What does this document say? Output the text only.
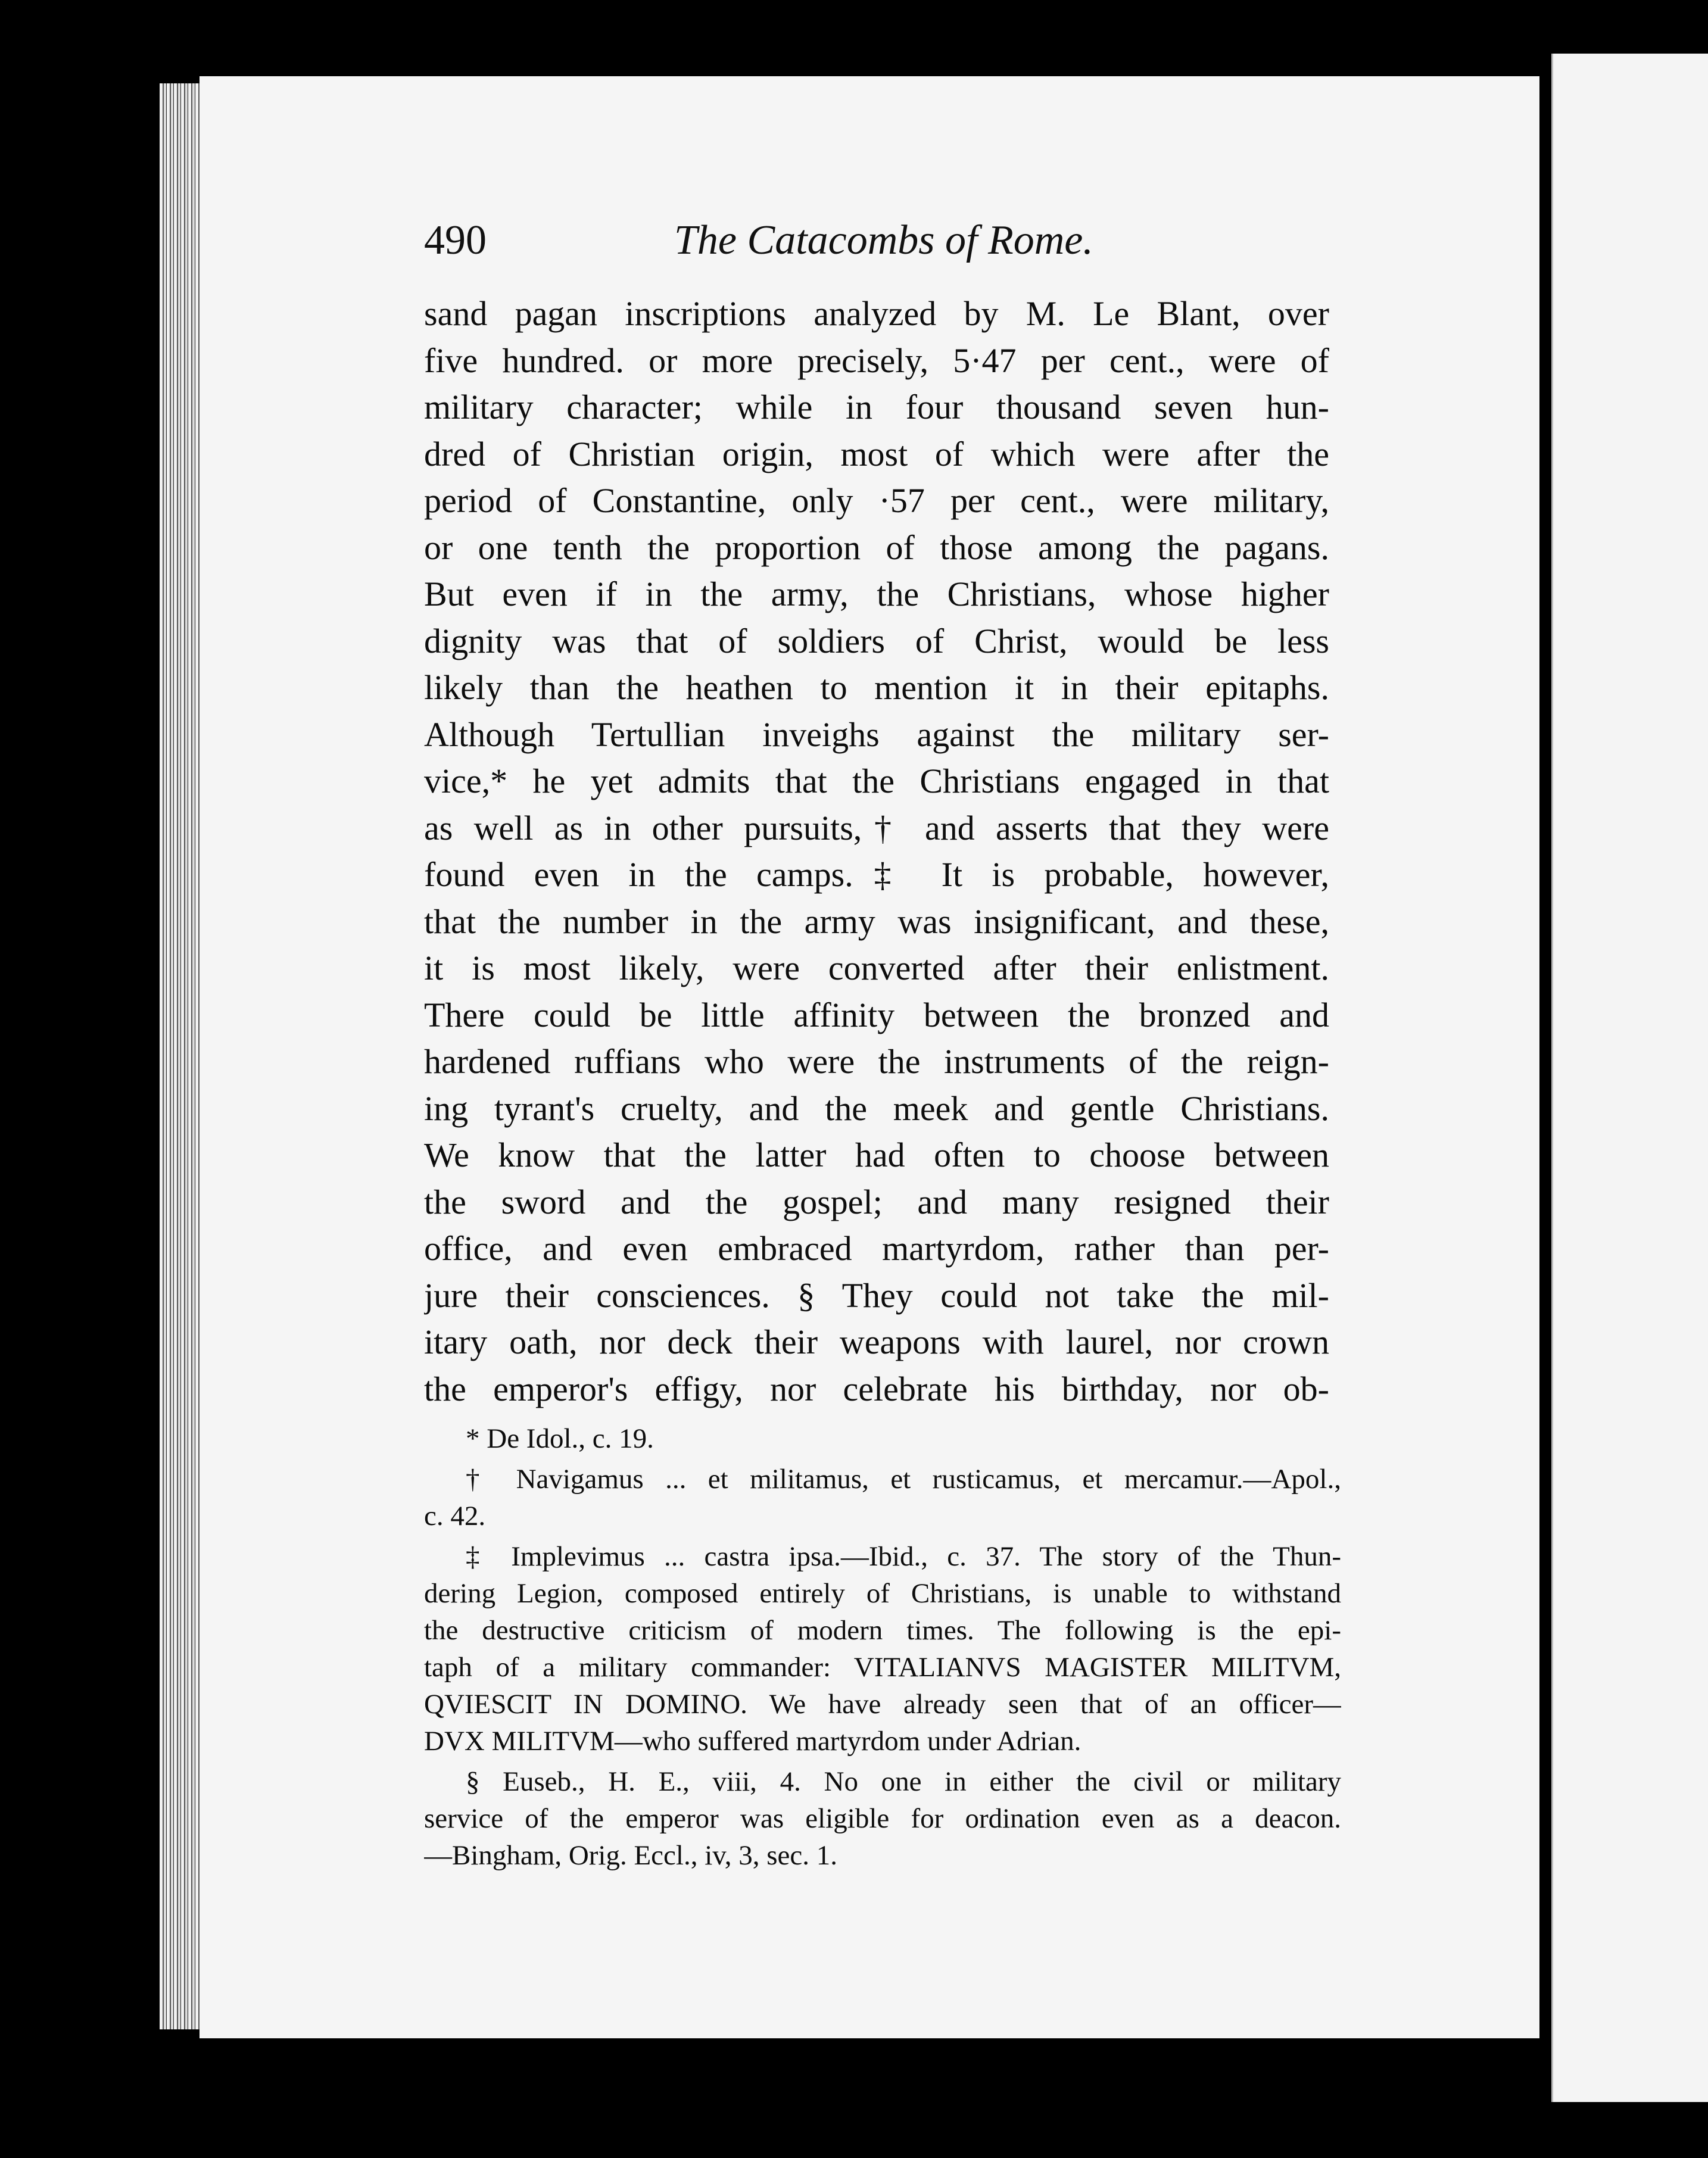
490	The Catacombs of Rome.
sand pagan inscriptions analyzed by M. Le Blant, over
five hundred. or more precisely, 5·47 per cent., were of
military character; while in four thousand seven hun-
dred of Christian origin, most of which were after the
period of Constantine, only ·57 per cent., were military,
or one tenth the proportion of those among the pagans.
But even if in the army, the Christians, whose higher
dignity was that of soldiers of Christ, would be less
likely than the heathen to mention it in their epitaphs.
Although Tertullian inveighs against the military ser-
vice,* he yet admits that the Christians engaged in that
as well as in other pursuits,† and asserts that they were
found even in the camps.‡ It is probable, however,
that the number in the army was insignificant, and these,
it is most likely, were converted after their enlistment.
There could be little affinity between the bronzed and
hardened ruffians who were the instruments of the reign-
ing tyrant's cruelty, and the meek and gentle Christians.
We know that the latter had often to choose between
the sword and the gospel; and many resigned their
office, and even embraced martyrdom, rather than per-
jure their consciences. § They could not take the mil-
itary oath, nor deck their weapons with laurel, nor crown
the emperor's effigy, nor celebrate his birthday, nor ob-
* De Idol., c. 19.
† Navigamus ... et militamus, et rusticamus, et mercamur.—Apol.,
c. 42.
‡ Implevimus ... castra ipsa.—Ibid., c. 37. The story of the Thun-
dering Legion, composed entirely of Christians, is unable to withstand
the destructive criticism of modern times. The following is the epi-
taph of a military commander: VITALIANVS MAGISTER MILITVM,
QVIESCIT IN DOMINO. We have already seen that of an officer—
DVX MILITVM—who suffered martyrdom under Adrian.
§ Euseb., H. E., viii, 4. No one in either the civil or military
service of the emperor was eligible for ordination even as a deacon.
—Bingham, Orig. Eccl., iv, 3, sec. 1.
